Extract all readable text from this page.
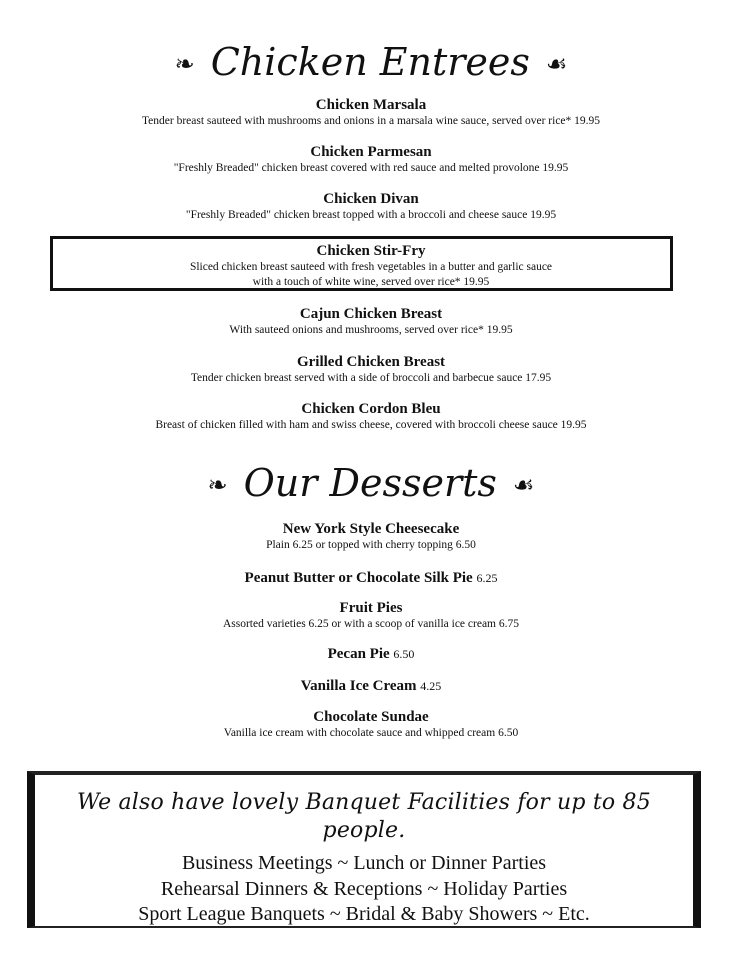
❧ Chicken Entrees ☙
Chicken Marsala
Tender breast sauteed with mushrooms and onions in a marsala wine sauce, served over rice* 19.95
Chicken Parmesan
"Freshly Breaded" chicken breast covered with red sauce and melted provolone 19.95
Chicken Divan
"Freshly Breaded" chicken breast topped with a broccoli and cheese sauce 19.95
Chicken Stir-Fry
Sliced chicken breast sauteed with fresh vegetables in a butter and garlic sauce
with a touch of white wine, served over rice* 19.95
Cajun Chicken Breast
With sauteed onions and mushrooms, served over rice* 19.95
Grilled Chicken Breast
Tender chicken breast served with a side of broccoli and barbecue sauce 17.95
Chicken Cordon Bleu
Breast of chicken filled with ham and swiss cheese, covered with broccoli cheese sauce 19.95
❧ Our Desserts ☙
New York Style Cheesecake
Plain 6.25 or topped with cherry topping 6.50
Peanut Butter or Chocolate Silk Pie 6.25
Fruit Pies
Assorted varieties 6.25 or with a scoop of vanilla ice cream 6.75
Pecan Pie 6.50
Vanilla Ice Cream 4.25
Chocolate Sundae
Vanilla ice cream with chocolate sauce and whipped cream 6.50
We also have lovely Banquet Facilities for up to 85 people.
Business Meetings ~ Lunch or Dinner Parties
Rehearsal Dinners & Receptions ~ Holiday Parties
Sport League Banquets ~ Bridal & Baby Showers ~ Etc.
